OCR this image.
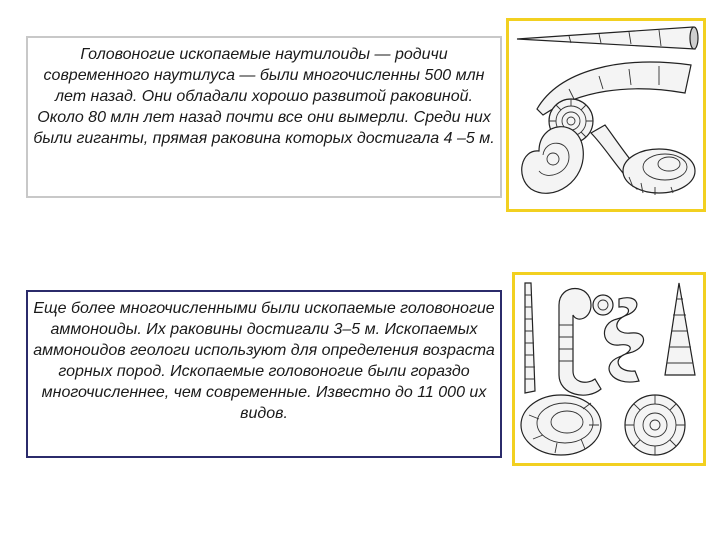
Головоногие ископаемые наутилоиды — родичи современного наутилуса — были многочисленны 500 млн лет назад. Они обладали хорошо развитой раковиной. Около 80 млн лет назад почти все они вымерли. Среди них были гиганты, прямая раковина которых достигала 4 –5 м.
Еще более многочисленными были ископаемые головоногие аммоноиды. Их раковины достигали 3–5 м. Ископаемых аммоноидов геологи используют для определения возраста горных пород. Ископаемые головоногие были гораздо многочисленнее, чем современные. Известно до 11 000 их видов.
